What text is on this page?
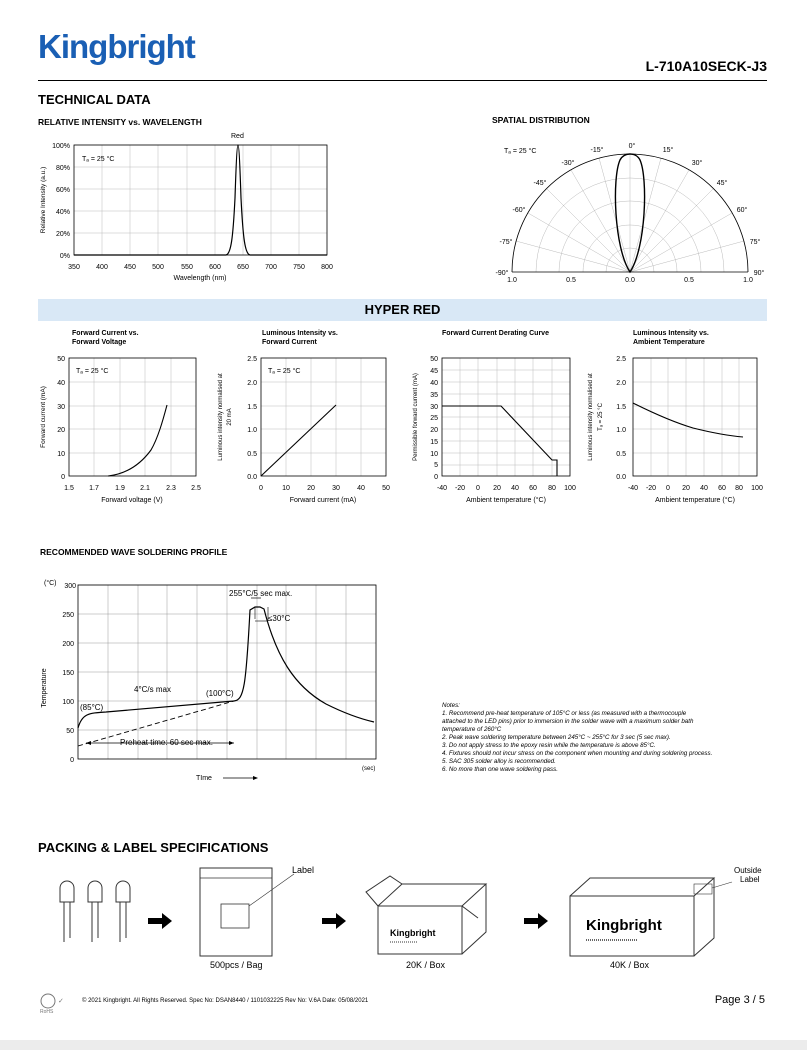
Kingbright
L-710A10SECK-J3
TECHNICAL DATA
RELATIVE INTENSITY vs. WAVELENGTH	SPATIAL DISTRIBUTION
Red
Tₐ = 25 °C
0%
20%
40%
60%
80%
100%
350 400 450 500 550 600 650 700 750 800
Wavelength (nm)
Relative Intensity (a.u.)
Tₐ = 25 °C
-90°
-75°
-60°
-45°
-30°
-15°
0°
15°
30°
45°
60°
75°
90°
1.0	0.5	0.0	0.5	1.0
HYPER RED
Forward Current vs.
Forward Voltage
Tₐ = 25 °C
0
10
20
30
40
50
1.5 1.7 1.9 2.1 2.3 2.5
Forward voltage (V)
Forward current (mA)
Luminous Intensity vs.
Forward Current
Tₐ = 25 °C
0.0
0.5
1.0
1.5
2.0
2.5
0	10 20 30 40 50
Forward current (mA)
Luminous intensity normalised at 20 mA
Forward Current Derating Curve
0
5
10
15
20
25
30
35
40
45
50
-40 -20 0 20 40 60 80 100
Ambient temperature (°C)
Permissible forward current (mA)
Luminous Intensity vs.
Ambient Temperature
0.0
0.5
1.0
1.5
2.0
2.5
-40 -20 0 20 40 60 80 100
Ambient temperature (°C)
Luminous intensity normalised at Tₐ = 25 °C
RECOMMENDED WAVE SOLDERING PROFILE
255°C/5 sec max.
≤30°C
4°C/s max	(100°C)
(85°C)
Preheat time: 60 sec max.
(°C)
0
50
100
150
200
250
300
Temperature
TIme
(sec)
Notes:
1. Recommend pre-heat temperature of 105°C or less (as measured with a thermocouple
attached to the LED pins) prior to immersion in the solder wave with a maximum solder bath
temperature of 260°C
2. Peak wave soldering temperature between 245°C ~ 255°C for 3 sec (5 sec max).
3. Do not apply stress to the epoxy resin while the temperature is above 85°C.
4. Fixtures should not incur stress on the component when mounting and during soldering process.
5. SAC 305 solder alloy is recommended.
6. No more than one wave soldering pass.
PACKING & LABEL SPECIFICATIONS
Label
500pcs / Bag
Kingbright
20K / Box
Outside
Label
Kingbright
40K / Box
✓
RoHS
© 2021 Kingbright. All Rights Reserved. Spec No: DSAN8440 / 1101032225 Rev No: V.6A Date: 05/08/2021	Page 3 / 5
